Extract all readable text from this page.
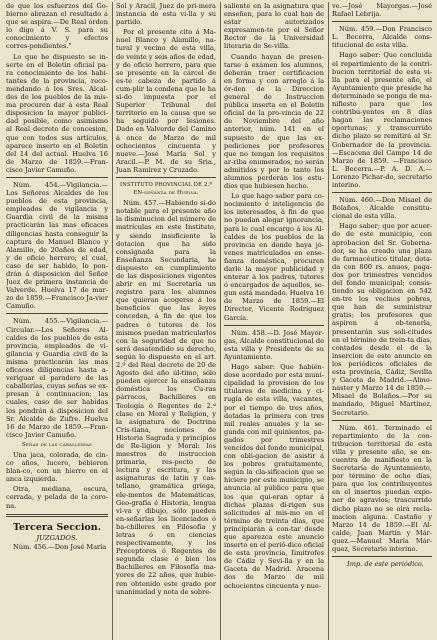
de que los esfuerzos del Go-bierno abrazan el resultado á que se aspira.—De Real órden lo digo á V. S. para su conocimiento y efectos corres-pondientes.”

Lo que he dispuesto se in-serte en el Boletin oficial pa-ra conocimiento de los habi-tantes de la provincia, reco-mendando á los Sres. Alcal-des de los pueblos de la mis-ma procuren dar á esta Real disposicion la mayor publici-dad posible, como asimismo al Real decreto de concesion, que con todos sus artículos, aparece inserto en el Boletin del 14 del actual. Huelva 16 de Marzo de 1859.—Fran-cisco Javier Camuño.

Núm. 454.—Vigilancia.—Los Señores Alcaldes de los pueblos de esta provincia, empleados de vigilancia y Guardia civil de la misma practicarán las mas eficaces diligencias hasta conseguir la captura de Manuel Blanco y Alamillo, de 20años de edad, y de oficio herrero; el cual, caso de ser habido, lo pon-drán á disposicion del Señor Juez de primera instancia de Valverde. Huelva 17 de mar-zo de 1859.—Francisco Ja-vier Camuño.

Núm. 455.—Vigilancia.—Circular.—Los Señores Al-caldes de los pueblos de esta provincia, empleados de vi-gilancia y Guardia civil de la misma practicarán las mas eficaces diligencias hasta a-veriguar el paradero de las caballerías, cuyas señas se ex-presan á continuacion; las cuales, caso de ser habidas los pondrán á disposicion del Sr. Alcalde de Zufre. Huelva 16 de Marzo de 1859.—Fran-cisco Javier Camuño.

Señas de las caballerías

Una jaca, colorada, de cin-co años, lucero, bebieron blan-co, con un hierro en el anca izquierda.

Otra, mediana, oscura, cerrada, y pelada de la coro-na.

Tercera Seccion.

JUZGADOS.

Núm. 456.—Don José María

Sol y Aracil, Juez de pri-mera instancia de esta vi-lla y su partido.

Por el presente cito á Ma-nuel Blanco y Alamillo, na-tural y vecino de esta villa, de veinte y seis años de edad, y de oficio herrero, para que se presente en la cárcel de es-te cabeza de partido á cum-plir la condena que le ha si-do impuesta por el Superior Tribunal del territorio en la causa que se ha seguido por lesiones. Dado en Valverde del Camino á once de Marzo de mil ochocientos cincuenta y nueve.—José María Sol y Aracil.—P. M. de su Sria., Juan Ramírez y Cruzado.

INSTITUTO PROVINCIAL DE 2.ª EN-señanza de Huelva.

Núm. 457.—Habiendo si-do notable para el presente año la disminucion del número de matrículas en este Instituto, y siendo insuficiente la dotacion que ha sido consignada para la Enseñanza Secundaria, he dispuesto en cumplimiento de las disposiciones vigentes abrir en mi Secretaría un registro para los alumnos que quieran acogerse á los beneficios que las leyes conceden, á fin de que los padres ó tutores de los mismos puedan matricularlos con la seguridad de que no será desatendido su derecho, según lo dispuesto en el art. 2.º del Real decreto de 20 de Agosto del año úl-timo, sólo pueden ejercer la enseñanza doméstica los Cu-ras párrocos, Bachilleres en Teología ó Regentes de 2.ª clase en Moral y Religion, y la asignatura de Doctrina Cris-tiana, nociones de Historia Sagrada y principios de Re-ligion y Moral: los maestros de instruccion primaria, res-pecto de lectura y escritura, y las asignaturas de latin y cas-tellano, gramática griega, ele-mentos de Matemáticas, Geo-grafía é Historia, lengua vi-va y dibujo, sólo pueden en-señarlas los licenciados ó ba-chilleres en Filosofía y letras ó en ciencias respectivamente, y los Preceptores ó Regentes de segunda clase ó bien los Bachilleres en Filosofía ma-yores de 22 años, que hubie-ren obtenido este grado por unanimidad y nota de sobre-

saliente en la asignatura que enseñen, para lo cual han de estar autorizados expresamen-te por el Señor Rector de la Universidad literaria de Se-villa.

Cuando hayan de presen-tarse á exámen los alumnos, deberán traer certificacion en forma y con arreglo á la ór-den de la Direccion general de Instruccion pública inserta en el Boletín oficial de la pro-vincia de 22 de Noviembre del año anterior, núm. 141 en el supuesto de que las ex-pediciones por profesores que no tengan los requisitos ar-riba enumerados, no serán admitidos y por lo tanto los alumnos perderán los estu-dios que hubiesen hecho.

Lo que hago saber para co-nocimiento é inteligencia de los interesados, á fin de que no puedan alegar ignorancia, para lo cual encargo á los Al-caldes de los pueblos de la provincia en donde haya jó-venes matriculados en ense-ñanza doméstica, procuren darle la mayor publicidad y enterar á los padres, tutores ó encargados de aquellos, se-gun está mandado. Huelva 16 de Marzo de 1859.—El Director, Vicente Rodríguez García.

Núm. 458.—D. José Mayor-gas, Alcalde constitucional de esta villa y Presidente de su Ayuntamiento.

Hago saber: Que habién-dose acordado por esta muni-cipalidad la provision de los titulares de medicina y ci-rugía de esta villa, vacantes, por el tiempo de tres años, dotadas la primera con tres mil reales anuales y la se-gunda con mil quinientos, pa-gados por trimestres vencidos del fondo municipal, con obli-gacion de asistir á los pobres gratuitamente, según la cla-sificacion que se hiciere por este municipio, se anuncia al público para que los que qui-eran optar á dichas plazas di-rigen sus solicitudes al mis-mo en el término de treinta días, que principiarán á con-tar desde que aparezca este anuncio inserto en el perió-dico oficial de esta provincia, Iimitrofes de Cádiz y Sevi-lla y en la Gaceta de Madrid. Aracena dos de Marzo de mil ochocientos cincuenta y nue-

ve.—José Mayorgas.—José Rafael Lebrija.

Núm. 459.—Don Francisco L. Becerra, Alcalde cons-titucional de esta villa.

Hago saber: Que concluida el repartimiento de la contri-bucion territorial de esta vi-lla para el presente año, el Ayuntamiento que preside ha determinado se ponga de ma-nifiesto para que los contribu-yentes en 8 días hagan las reclamaciones oportunas; y transcurrido dicho plazo se remitirá al Sr. Gobernador de la provincia.—Escacena del Campo 14 de Marzo de 1859. —Francisco L. Becerra.—P. A. D. A.—Lorenzo Pichar-do, secretario interino.

Núm. 460.—Don Misael de Bolaños, Alcalde constitu-cional de esta villa.

Hago saber; que por acuer-do de este municipio, con aprobacion del Sr. Goberna-dor, se ha creado una plaza de farmacéutico titular, dota-da con 800 rs. anuos, paga-dos por trimestres vencidos del fondo municipal; consis-tiendo su obligacion en 542 en-tre los vecinos pobres, que han de suministrar gratis; los profesores que aspiren á ob-tenerla, presentarán sus soli-citudes en el término de trein-ta días, contados desde el de la insercion de este anuncio en los periódicos oficiales de esta provincia, Cádiz, Sevilla y Gaceta de Madrid.—Almo-naster y Marzo 14 de 1859.—Misael de Bolaños.—Por su mandado, Miguel Martínez, Secretario.

Núm. 461. Terminado el repartimiento de la con-tribucion territorial de esta villa y presente año, se en-cuentra de manifiesto en la Secretaría de Ayuntamiento, por término de ocho días, para que los contribuyentes en el insertos puedan expo-ner de agravios; trascurrido dicho plazo no se oirá recla-macion alguna. Castaño y Marzo 14 de 1859.—El Al-calde, Juan Martín y Már-quez.—Manuel María Már-quez, Secretario interino.

Imp. de este periódico.
